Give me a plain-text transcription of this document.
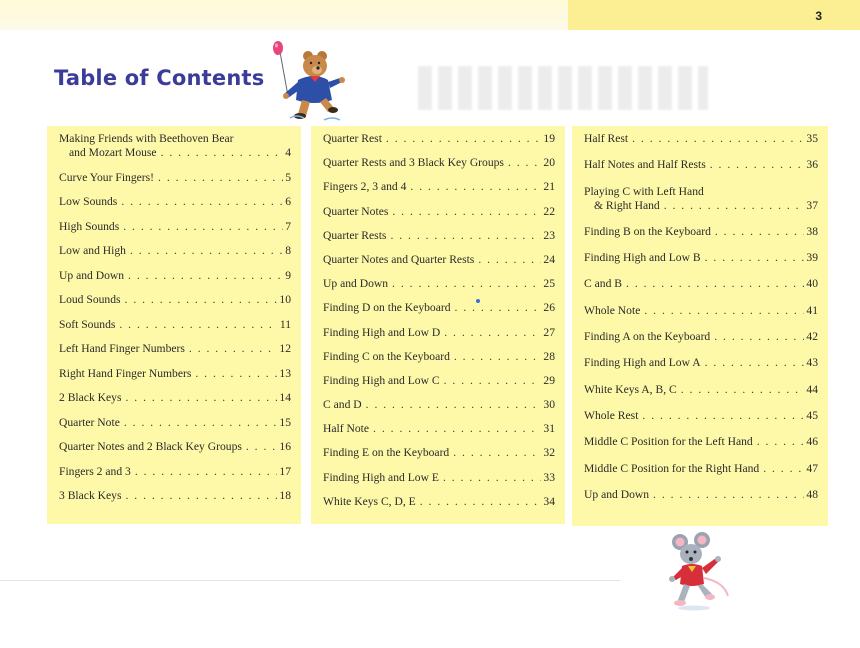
3
Table of Contents
Making Friends with Beethoven Bear
and Mozart Mouse . . .	4
Curve Your Fingers! . . .	5
Low Sounds . . .	6
High Sounds . . .	7
Low and High . . .	8
Up and Down . . .	9
Loud Sounds . . .	10
Soft Sounds . . .	11
Left Hand Finger Numbers . . .	12
Right Hand Finger Numbers . . .	13
2 Black Keys . . .	14
Quarter Note . . .	15
Quarter Notes and 2 Black Key Groups . . .	16
Fingers 2 and 3 . . .	17
3 Black Keys . . .	18
Quarter Rest . . .	19
Quarter Rests and 3 Black Key Groups . . .	20
Fingers 2, 3 and 4 . . .	21
Quarter Notes . . .	22
Quarter Rests . . .	23
Quarter Notes and Quarter Rests . . .	24
Up and Down . . .	25
Finding D on the Keyboard . . .	26
Finding High and Low D . . .	27
Finding C on the Keyboard . . .	28
Finding High and Low C . . .	29
C and D . . .	30
Half Note . . .	31
Finding E on the Keyboard . . .	32
Finding High and Low E . . .	33
White Keys C, D, E . . .	34
Half Rest . . .	35
Half Notes and Half Rests . . .	36
Playing C with Left Hand
& Right Hand . . .	37
Finding B on the Keyboard . . .	38
Finding High and Low B . . .	39
C and B . . .	40
Whole Note . . .	41
Finding A on the Keyboard . . .	42
Finding High and Low A . . .	43
White Keys A, B, C . . .	44
Whole Rest . . .	45
Middle C Position for the Left Hand . . .	46
Middle C Position for the Right Hand . . .	47
Up and Down . . .	48
